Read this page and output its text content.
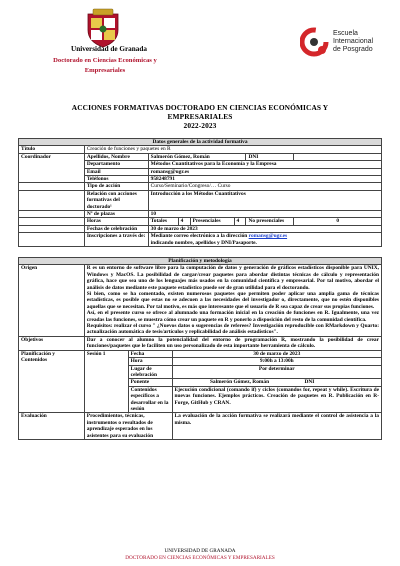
Universidad de Granada
Doctorado en Ciencias Económicas y
Empresariales
Escuela
Internacional
de Posgrado
ACCIONES FORMATIVAS DOCTORADO EN CIENCIAS ECONÓMICAS Y
EMPRESARIALES
2022-2023
Datos generales de la actividad formativa							
Título	Creación de funciones y paquetes en R						
Coordinador	Apellidos, Nombre	Salmerón Gómez, Román				DNI	
	Departamento	Métodos Cuantitativos para la Economía y la Empresa					
	Email	romansg@ugr.es					
	Teléfonos	958248791					
	Tipo de acción	Curso/Seminario/Congreso/… Curso					
	Relación con acciones formativas del doctorado¹	Introducción a los Métodos Cuantitativos					
	Nº de plazas	10					
	Horas	Totales	4	Presenciales	4	No presenciales	0
	Fechas de celebración	30 de marzo de 2023					
	Inscripciones a través de:	Mediante correo electrónico a la dirección romansg@ugr.es
indicando nombre, apellidos y DNI/Pasaporte.					
Planificación y metodología			
Origen	R es un entorno de software libre para la computación de datos y generación de gráficos estadísticos disponible para UNIX, Windows y MacOS. La posibilidad de cargar/crear paquetes para abordar distintas técnicas de cálculo y representación gráfica, hace que sea uno de los lenguajes más usados en la comunidad científica y empresarial. Por tal motivo, abordar el análisis de datos mediante este paquete estadístico puede ser de gran utilidad para el doctorando.
Si bien, como se ha comentado, existen numerosos paquetes que permiten poder aplicar una amplia gama de técnicas estadísticas, es posible que estas no se adecuen a las necesidades del investigador o, directamente, que no estén disponibles aquellas que se necesitan. Por tal motivo, es más que interesante que el usuario de R sea capaz de crear sus propias funciones.
Así, en el presente curso se ofrece al alumnado una formación inicial en la creación de funciones en R. Igualmente, una vez creadas las funciones, se muestra cómo crear un paquete en R y ponerlo a disposición del resto de la comunidad científica.
Requisitos: realizar el curso " ¿Nuevos datos o sugerencias de referees? Investigación reproducible con RMarkdown y Quarto: actualización automática de tesis/artículos y replicabilidad de análisis estadísticos".		

Objetivos	Dar a conocer al alumno la potencialidad del entorno de programación R, mostrando la posibilidad de crear funciones/paquetes que le faciliten un uso personalizado de esta importante herramienta de cálculo.		
Planificación y Contenidos	Sesión 1	Fecha	30 de marzo de 2023
		Hora	9:00h a 13:00h
		Lugar de celebración	Por determinar
		Ponente	Salmerón Gómez, Román DNI
		Contenidos específicos a desarrollar en la sesión	Ejecución condicional (comando if) y ciclos (comandos for, repeat y while). Escritura de nuevas funciones. Ejemplos prácticos. Creación de paquetes en R. Publicación en R-Forge, GitHub y CRAN.
Evaluación	Procedimientos, técnicas, instrumentos o resultados de aprendizaje esperados en los asistentes para su evaluación		La evaluación de la acción formativa se realizará mediante el control de asistencia a la misma.
UNIVERSIDAD DE GRANADA
DOCTORADO EN CIENCIAS ECONÓMICAS Y EMPRESARIALES
